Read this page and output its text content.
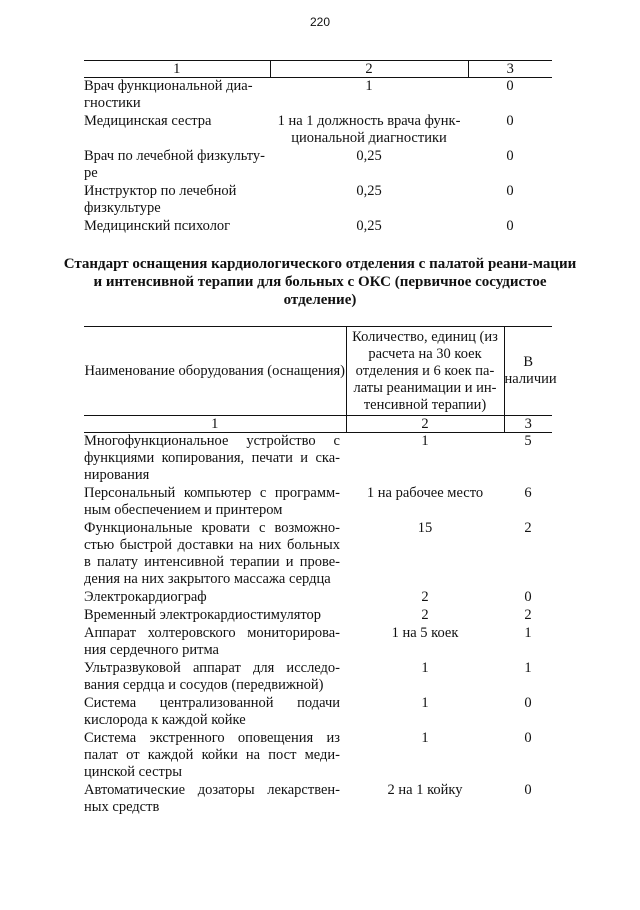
220
1	2	3
Врач функциональной диа-гностики	1	0
Медицинская сестра	1 на 1 должность врача функ-циональной диагностики	0
Врач по лечебной физкульту-ре	0,25	0
Инструктор по лечебной физкультуре	0,25	0
Медицинский психолог	0,25	0
Стандарт оснащения кардиологического отделения с палатой реани-мации и интенсивной терапии для больных с ОКС (первичное сосудистое отделение)
Наименование оборудования (оснащения)	Количество, единиц (из расчета на 30 коек отделения и 6 коек па-латы реанимации и ин-тенсивной терапии)	В наличии
1	2	3
Многофункциональное устройство с функциями копирования, печати и ска-нирования	1	5
Персональный компьютер с программ-ным обеспечением и принтером	1 на рабочее место	6
Функциональные кровати с возможно-стью быстрой доставки на них больных в палату интенсивной терапии и прове-дения на них закрытого массажа сердца	15	2
Электрокардиограф	2	0
Временный электрокардиостимулятор	2	2
Аппарат холтеровского мониторирова-ния сердечного ритма	1 на 5 коек	1
Ультразвуковой аппарат для исследо-вания сердца и сосудов (передвижной)	1	1
Система централизованной подачи кислорода к каждой койке	1	0
Система экстренного оповещения из палат от каждой койки на пост меди-цинской сестры	1	0
Автоматические дозаторы лекарствен-ных средств	2 на 1 койку	0
